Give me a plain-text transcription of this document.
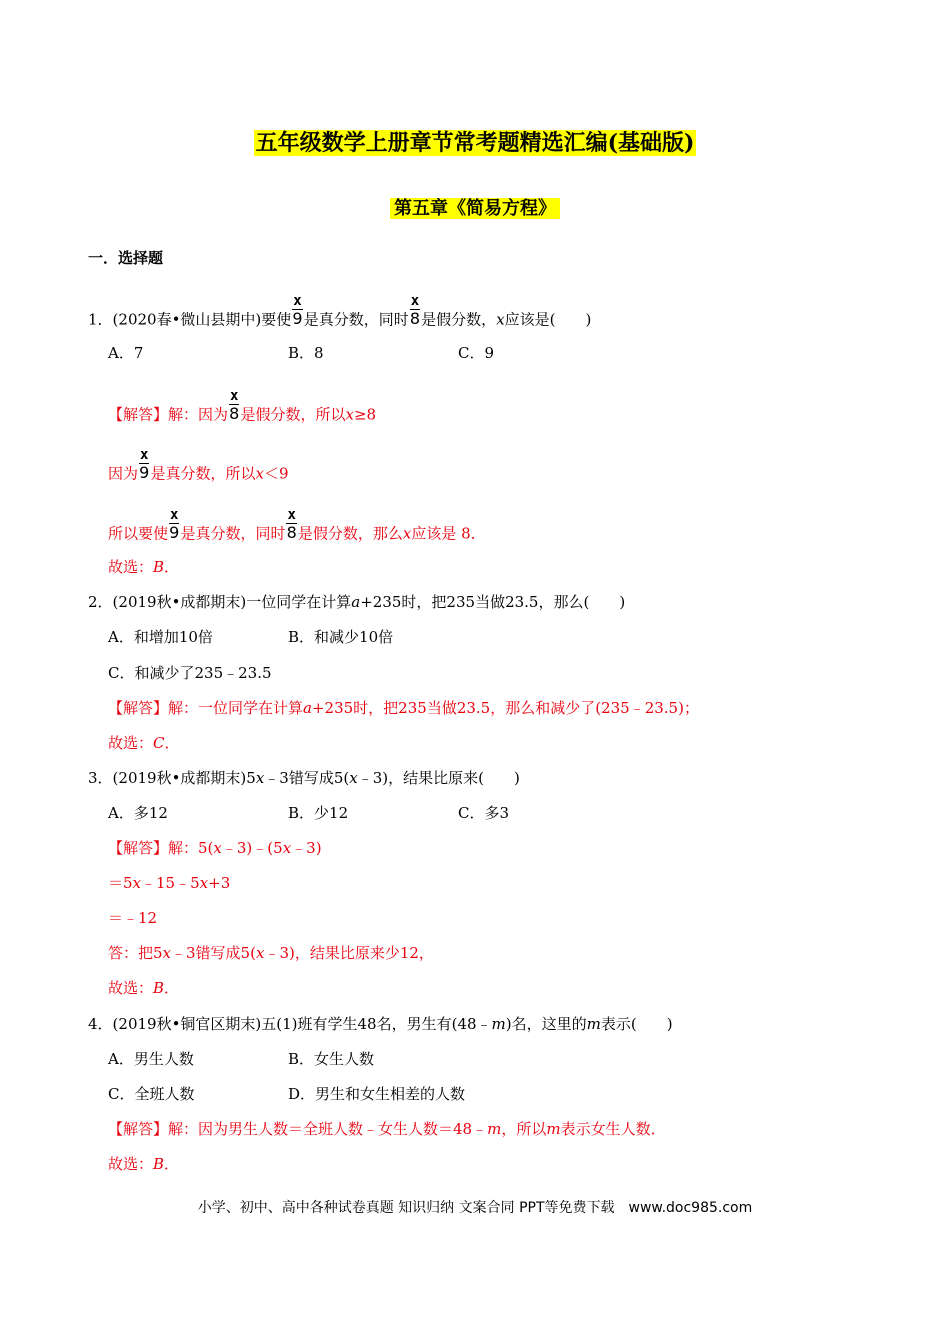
五年级数学上册章节常考题精选汇编(基础版)
第五章《简易方程》
一．选择题
1．(2020春•微山县期中)要使 $\frac{x}{9}$ 是真分数，同时 $\frac{x}{8}$ 是假分数，x应该是(　　)
A．7	B．8	C．9
【解答】解：因为 $\frac{x}{8}$ 是假分数，所以x≥8
因为 $\frac{x}{9}$ 是真分数，所以x＜9
所以要使 $\frac{x}{9}$ 是真分数，同时 $\frac{x}{8}$ 是假分数，那么x应该是 8．
故选：B．
2．(2019秋•成都期末)一位同学在计算a+235时，把235当做23.5，那么(　　)
A．和增加10倍	B．和减少10倍
C．和减少了235﹣23.5
【解答】解：一位同学在计算a+235时，把235当做23.5，那么和减少了(235﹣23.5)；
故选：C．
3．(2019秋•成都期末)5x﹣3错写成5(x﹣3)，结果比原来(　　)
A．多12	B．少12	C．多3
【解答】解：5(x﹣3)﹣(5x﹣3)
＝5x﹣15﹣5x+3
＝﹣12
答：把5x﹣3错写成5(x﹣3)，结果比原来少12，
故选：B．
4．(2019秋•铜官区期末)五(1)班有学生48名，男生有(48﹣m)名，这里的m表示(　　)
A．男生人数	B．女生人数
C．全班人数	D．男生和女生相差的人数
【解答】解：因为男生人数＝全班人数﹣女生人数＝48﹣m，所以m表示女生人数．
故选：B．
小学、初中、高中各种试卷真题 知识归纳 文案合同 PPT等免费下载　www.doc985.com
